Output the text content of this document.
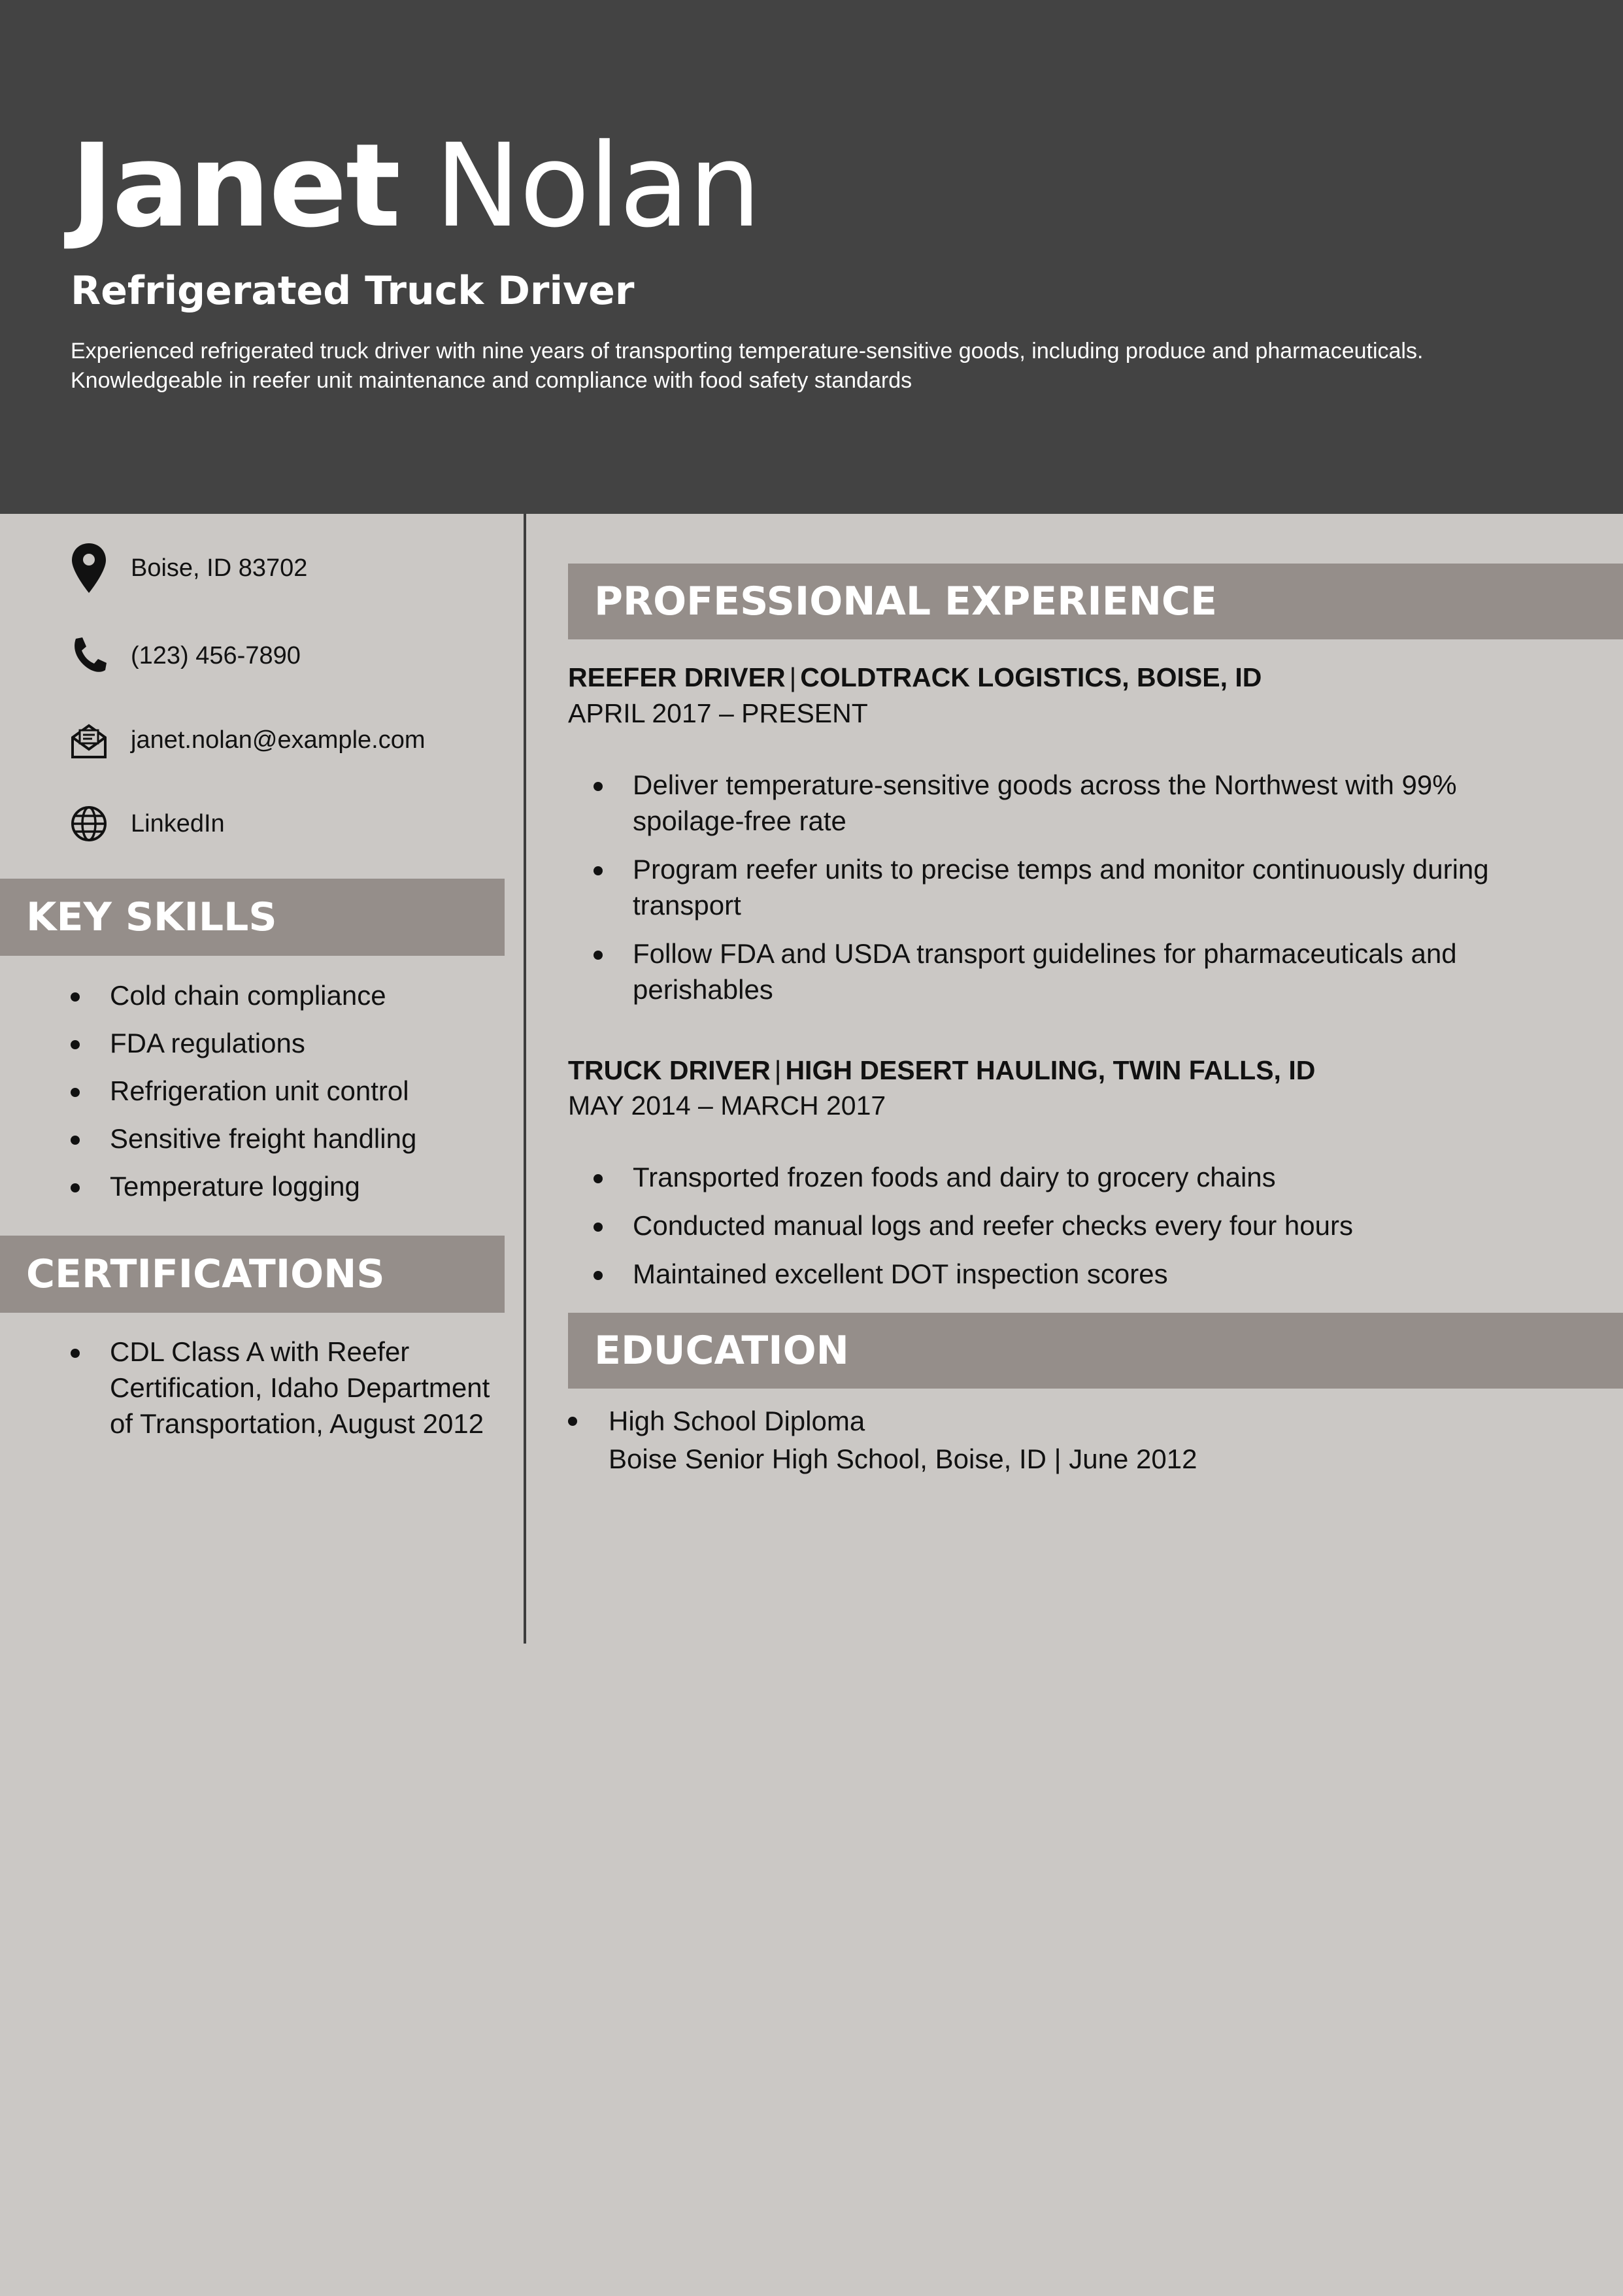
Janet Nolan
Refrigerated Truck Driver
Experienced refrigerated truck driver with nine years of transporting temperature-sensitive goods, including produce and pharmaceuticals. Knowledgeable in reefer unit maintenance and compliance with food safety standards
Boise, ID 83702
(123) 456-7890
janet.nolan@example.com
LinkedIn
KEY SKILLS
Cold chain compliance
FDA regulations
Refrigeration unit control
Sensitive freight handling
Temperature logging
CERTIFICATIONS
CDL Class A with Reefer Certification, Idaho Department of Transportation, August 2012
PROFESSIONAL EXPERIENCE
REEFER DRIVER | COLDTRACK LOGISTICS, BOISE, ID
APRIL 2017 – PRESENT
Deliver temperature-sensitive goods across the Northwest with 99% spoilage-free rate
Program reefer units to precise temps and monitor continuously during transport
Follow FDA and USDA transport guidelines for pharmaceuticals and perishables
TRUCK DRIVER | HIGH DESERT HAULING, TWIN FALLS, ID
MAY 2014 – MARCH 2017
Transported frozen foods and dairy to grocery chains
Conducted manual logs and reefer checks every four hours
Maintained excellent DOT inspection scores
EDUCATION
High School Diploma
Boise Senior High School, Boise, ID | June 2012
